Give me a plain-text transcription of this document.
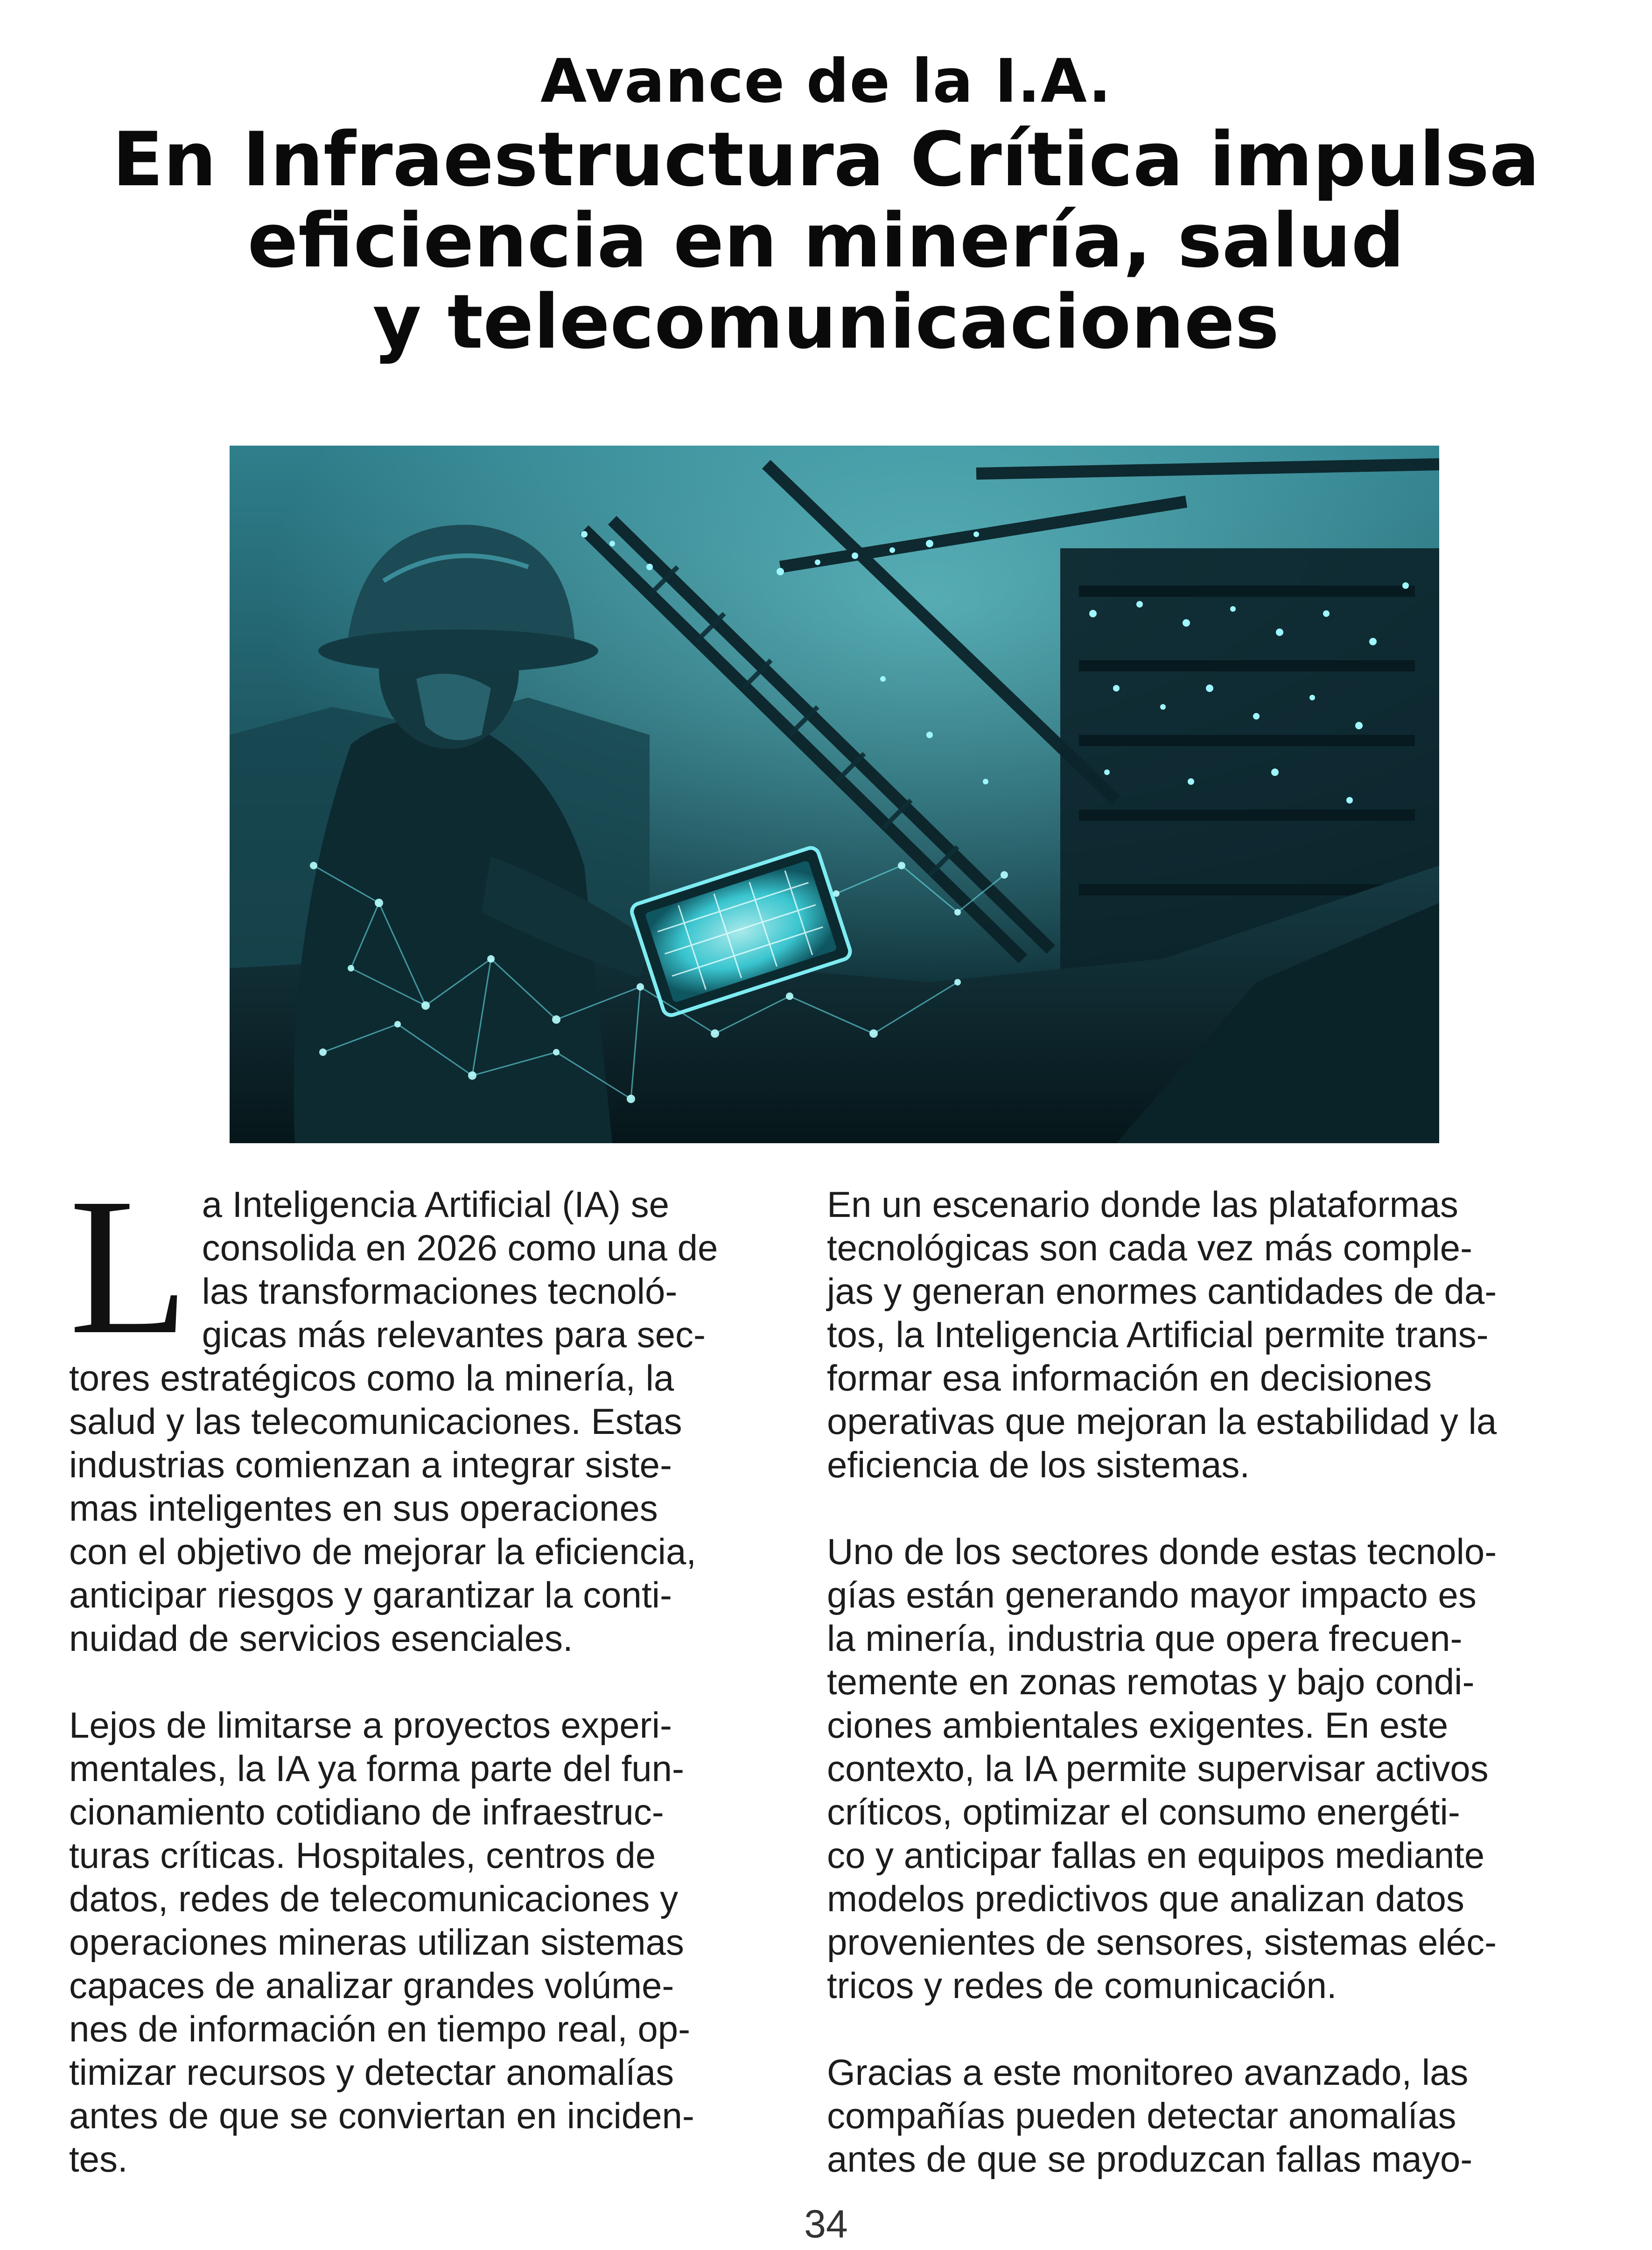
Avance de la I.A.
En Infraestructura Crítica impulsa
eficiencia en minería, salud
y telecomunicaciones
La Inteligencia Artificial (IA) se
consolida en 2026 como una de
las transformaciones tecnoló-
gicas más relevantes para sec-
tores estratégicos como la minería, la
salud y las telecomunicaciones. Estas
industrias comienzan a integrar siste-
mas inteligentes en sus operaciones
con el objetivo de mejorar la eficiencia,
anticipar riesgos y garantizar la conti-
nuidad de servicios esenciales.
Lejos de limitarse a proyectos experi-
mentales, la IA ya forma parte del fun-
cionamiento cotidiano de infraestruc-
turas críticas. Hospitales, centros de
datos, redes de telecomunicaciones y
operaciones mineras utilizan sistemas
capaces de analizar grandes volúme-
nes de información en tiempo real, op-
timizar recursos y detectar anomalías
antes de que se conviertan en inciden-
tes.
En un escenario donde las plataformas
tecnológicas son cada vez más comple-
jas y generan enormes cantidades de da-
tos, la Inteligencia Artificial permite trans-
formar esa información en decisiones
operativas que mejoran la estabilidad y la
eficiencia de los sistemas.
Uno de los sectores donde estas tecnolo-
gías están generando mayor impacto es
la minería, industria que opera frecuen-
temente en zonas remotas y bajo condi-
ciones ambientales exigentes. En este
contexto, la IA permite supervisar activos
críticos, optimizar el consumo energéti-
co y anticipar fallas en equipos mediante
modelos predictivos que analizan datos
provenientes de sensores, sistemas eléc-
tricos y redes de comunicación.
Gracias a este monitoreo avanzado, las
compañías pueden detectar anomalías
antes de que se produzcan fallas mayo-
34
